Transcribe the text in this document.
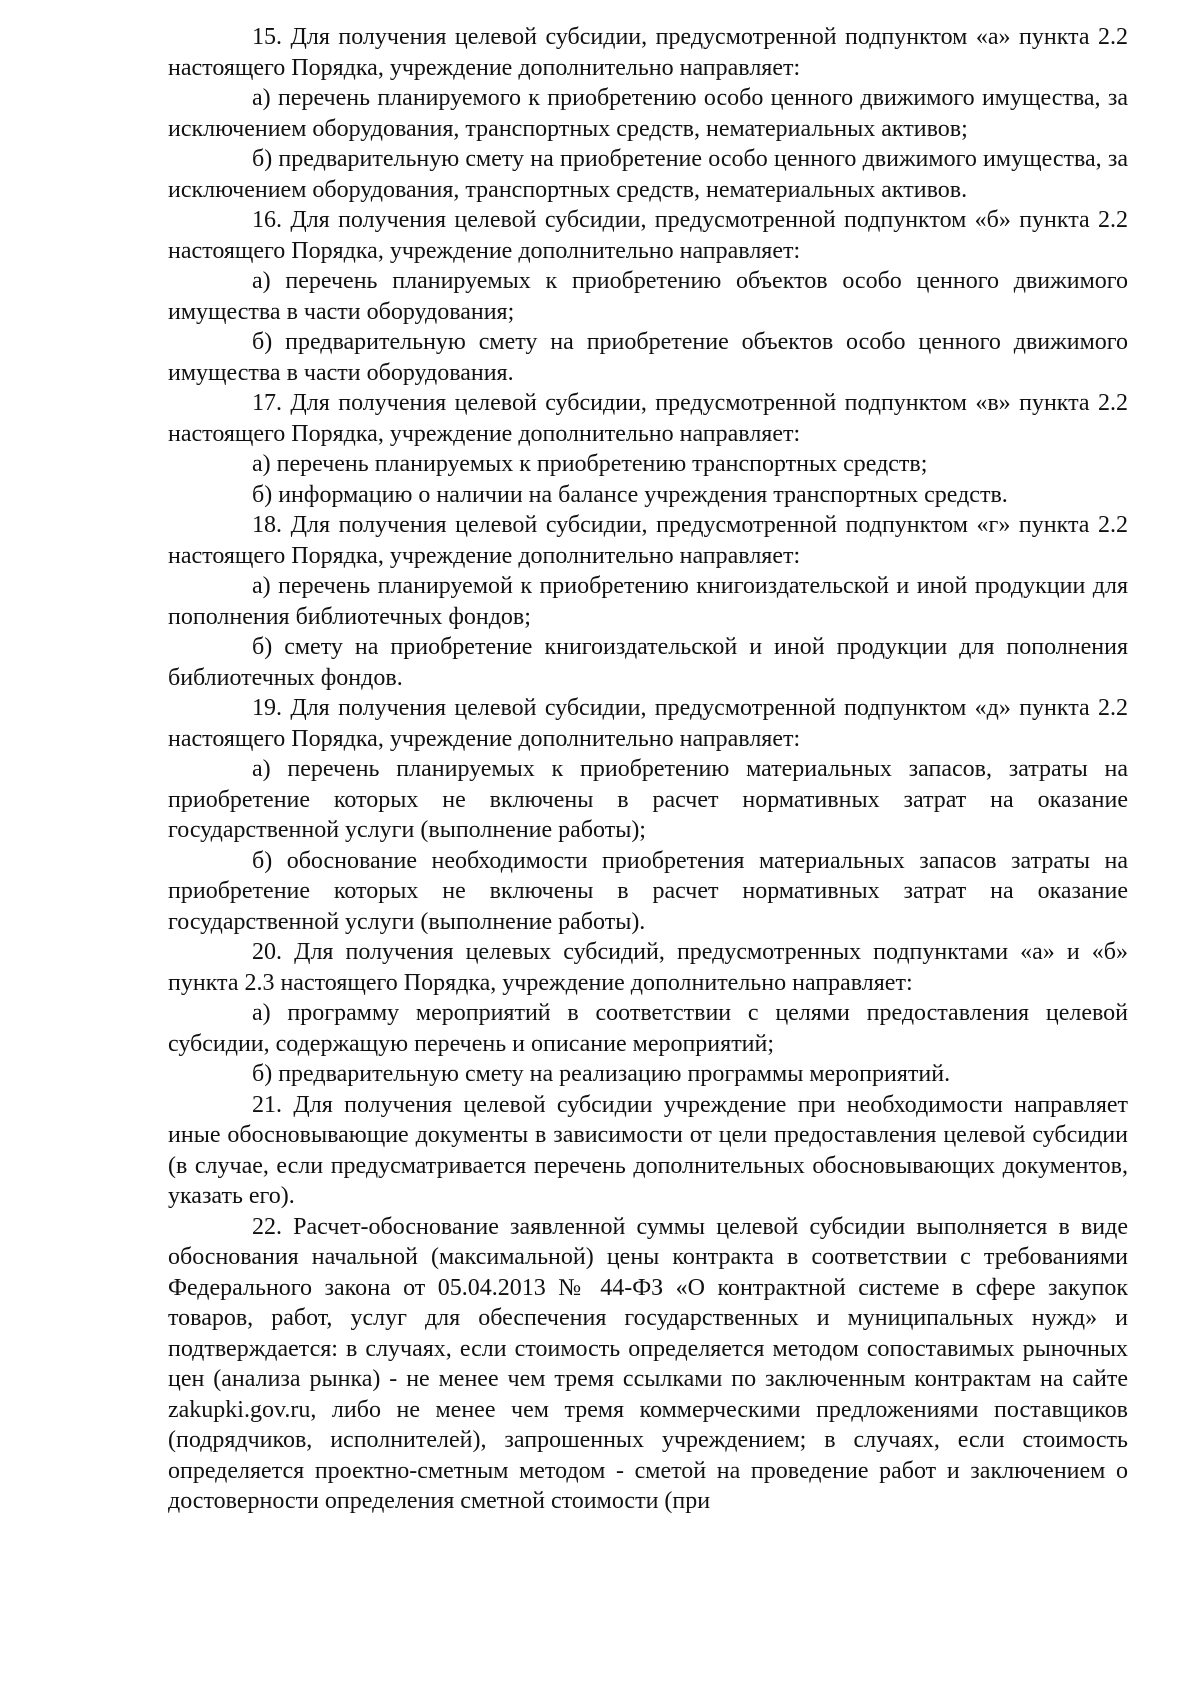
15. Для получения целевой субсидии, предусмотренной подпунктом «а» пункта 2.2 настоящего Порядка, учреждение дополнительно направляет:

а) перечень планируемого к приобретению особо ценного движимого имущества, за исключением оборудования, транспортных средств, нематериальных активов;

б) предварительную смету на приобретение особо ценного движимого имущества, за исключением оборудования, транспортных средств, нематериальных активов.

16. Для получения целевой субсидии, предусмотренной подпунктом «б» пункта 2.2 настоящего Порядка, учреждение дополнительно направляет:

а) перечень планируемых к приобретению объектов особо ценного движимого имущества в части оборудования;

б) предварительную смету на приобретение объектов особо ценного движимого имущества в части оборудования.

17. Для получения целевой субсидии, предусмотренной подпунктом «в» пункта 2.2 настоящего Порядка, учреждение дополнительно направляет:

а) перечень планируемых к приобретению транспортных средств;

б) информацию о наличии на балансе учреждения транспортных средств.

18. Для получения целевой субсидии, предусмотренной подпунктом «г» пункта 2.2 настоящего Порядка, учреждение дополнительно направляет:

а) перечень планируемой к приобретению книгоиздательской и иной продукции для пополнения библиотечных фондов;

б) смету на приобретение книгоиздательской и иной продукции для пополнения библиотечных фондов.

19. Для получения целевой субсидии, предусмотренной подпунктом «д» пункта 2.2 настоящего Порядка, учреждение дополнительно направляет:

а) перечень планируемых к приобретению материальных запасов, затраты на приобретение которых не включены в расчет нормативных затрат на оказание государственной услуги (выполнение работы);

б) обоснование необходимости приобретения материальных запасов затраты на приобретение которых не включены в расчет нормативных затрат на оказание государственной услуги (выполнение работы).

20. Для получения целевых субсидий, предусмотренных подпунктами «а» и «б» пункта 2.3 настоящего Порядка, учреждение дополнительно направляет:

а) программу мероприятий в соответствии с целями предоставления целевой субсидии, содержащую перечень и описание мероприятий;

б) предварительную смету на реализацию программы мероприятий.

21. Для получения целевой субсидии учреждение при необходимости направляет иные обосновывающие документы в зависимости от цели предоставления целевой субсидии (в случае, если предусматривается перечень дополнительных обосновывающих документов, указать его).

22. Расчет-обоснование заявленной суммы целевой субсидии выполняется в виде обоснования начальной (максимальной) цены контракта в соответствии с требованиями Федерального закона от 05.04.2013 № 44-ФЗ «О контрактной системе в сфере закупок товаров, работ, услуг для обеспечения государственных и муниципальных нужд» и подтверждается: в случаях, если стоимость определяется методом сопоставимых рыночных цен (анализа рынка) - не менее чем тремя ссылками по заключенным контрактам на сайте zakupki.gov.ru, либо не менее чем тремя коммерческими предложениями поставщиков (подрядчиков, исполнителей), запрошенных учреждением; в случаях, если стоимость определяется проектно-сметным методом - сметой на проведение работ и заключением о достоверности определения сметной стоимости (при
